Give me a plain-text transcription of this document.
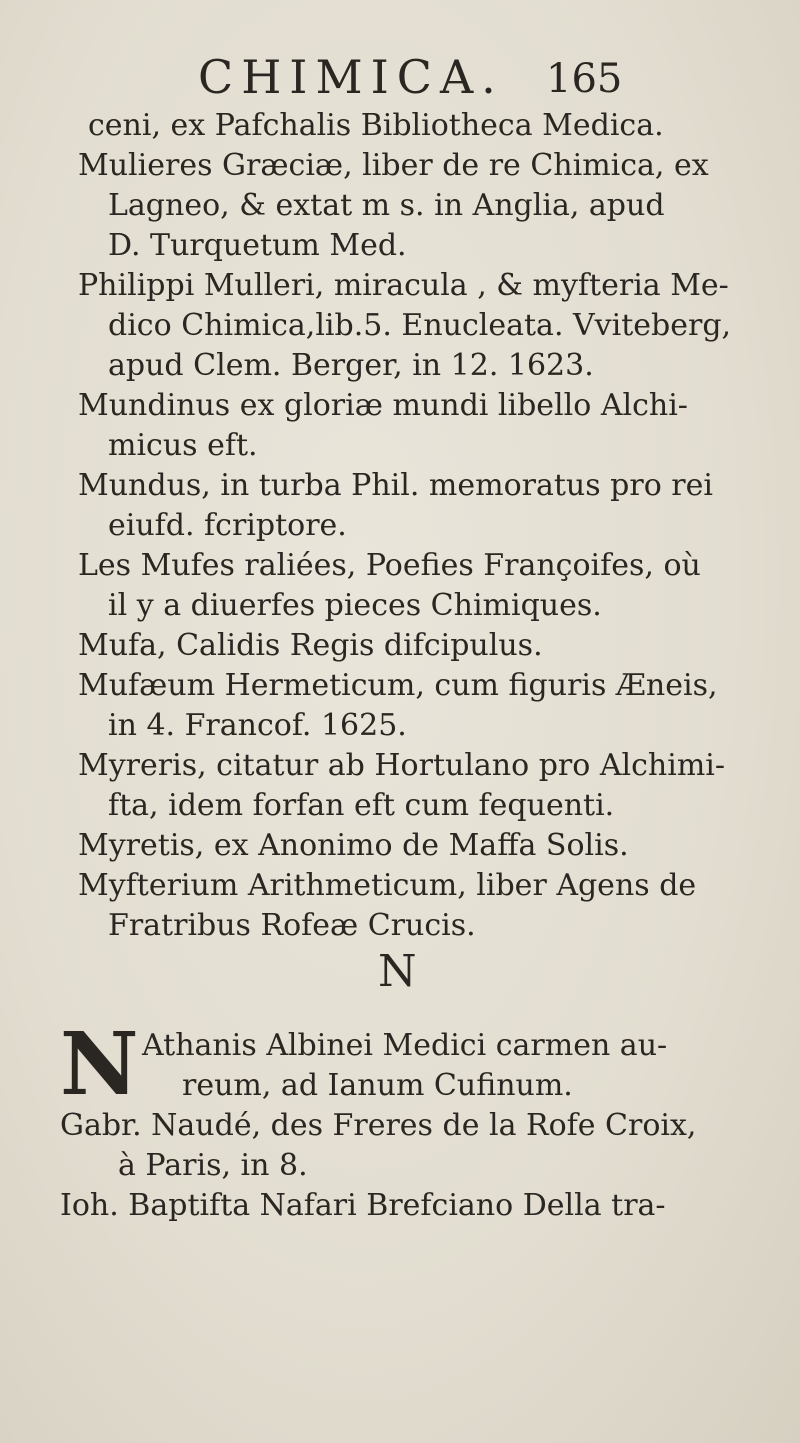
CHIMICA. 165
ceni, ex Pafchalis Bibliotheca Medica.
Mulieres Græciæ, liber de re Chimica, ex
Lagneo, & extat m s. in Anglia, apud
D. Turquetum Med.
Philippi Mulleri, miracula , & myfteria Me-
dico Chimica,lib.5. Enucleata. Vviteberg,
apud Clem. Berger, in 12. 1623.
Mundinus ex gloriæ mundi libello Alchi-
micus eft.
Mundus, in turba Phil. memoratus pro rei
eiufd. fcriptore.
Les Mufes raliées, Poefies Françoifes, où
il y a diuerfes pieces Chimiques.
Mufa, Calidis Regis difcipulus.
Mufæum Hermeticum, cum figuris Æneis,
in 4. Francof. 1625.
Myreris, citatur ab Hortulano pro Alchimi-
fta, idem forfan eft cum fequenti.
Myretis, ex Anonimo de Maffa Solis.
Myfterium Arithmeticum, liber Agens de
Fratribus Rofeæ Crucis.
N
N Athanis Albinei Medici carmen au-
reum, ad Ianum Cufinum.
Gabr. Naudé, des Freres de la Rofe Croix,
à Paris, in 8.
Ioh. Baptifta Nafari Brefciano Della tra-
